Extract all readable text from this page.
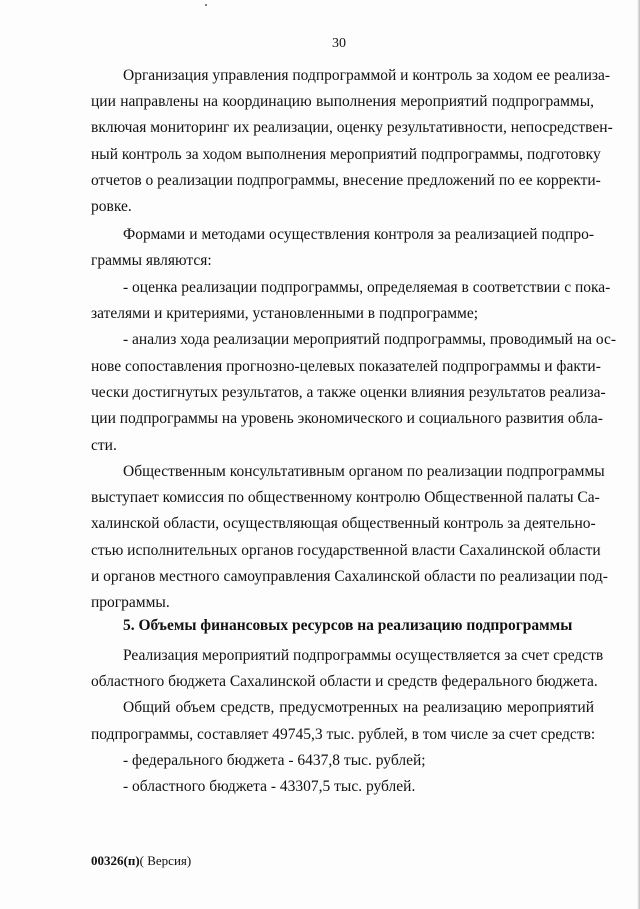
30
Организация управления подпрограммой и контроль за ходом ее реализа-
ции направлены на координацию выполнения мероприятий подпрограммы,
включая мониторинг их реализации, оценку результативности, непосредствен-
ный контроль за ходом выполнения мероприятий подпрограммы, подготовку
отчетов о реализации подпрограммы, внесение предложений по ее корректи-
ровке.
Формами и методами осуществления контроля за реализацией подпро-
граммы являются:
- оценка реализации подпрограммы, определяемая в соответствии с пока-
зателями и критериями, установленными в подпрограмме;
- анализ хода реализации мероприятий подпрограммы, проводимый на ос-
нове сопоставления прогнозно-целевых показателей подпрограммы и факти-
чески достигнутых результатов, а также оценки влияния результатов реализа-
ции подпрограммы на уровень экономического и социального развития обла-
сти.
Общественным консультативным органом по реализации подпрограммы
выступает комиссия по общественному контролю Общественной палаты Са-
халинской области, осуществляющая общественный контроль за деятельно-
стью исполнительных органов государственной власти Сахалинской области
и органов местного самоуправления Сахалинской области по реализации под-
программы.
5. Объемы финансовых ресурсов на реализацию подпрограммы
Реализация мероприятий подпрограммы осуществляется за счет средств
областного бюджета Сахалинской области и средств федерального бюджета.
Общий объем средств, предусмотренных на реализацию мероприятий
подпрограммы, составляет 49745,3 тыс. рублей, в том числе за счет средств:
- федерального бюджета - 6437,8 тыс. рублей;
- областного бюджета - 43307,5 тыс. рублей.
00326(п)( Версия)
